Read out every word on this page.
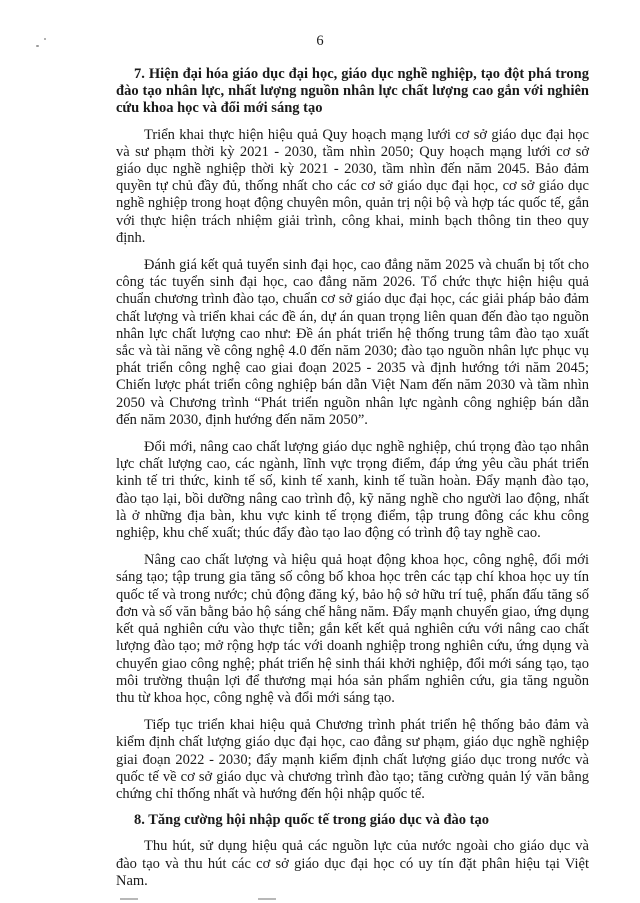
6

7. Hiện đại hóa giáo dục đại học, giáo dục nghề nghiệp, tạo đột phá trong đào tạo nhân lực, nhất lượng nguồn nhân lực chất lượng cao gắn với nghiên cứu khoa học và đổi mới sáng tạo

Triển khai thực hiện hiệu quả Quy hoạch mạng lưới cơ sở giáo dục đại học và sư phạm thời kỳ 2021 - 2030, tầm nhìn 2050; Quy hoạch mạng lưới cơ sở giáo dục nghề nghiệp thời kỳ 2021 - 2030, tầm nhìn đến năm 2045. Bảo đảm quyền tự chủ đầy đủ, thống nhất cho các cơ sở giáo dục đại học, cơ sở giáo dục nghề nghiệp trong hoạt động chuyên môn, quản trị nội bộ và hợp tác quốc tế, gắn với thực hiện trách nhiệm giải trình, công khai, minh bạch thông tin theo quy định.

Đánh giá kết quả tuyển sinh đại học, cao đẳng năm 2025 và chuẩn bị tốt cho công tác tuyển sinh đại học, cao đẳng năm 2026. Tổ chức thực hiện hiệu quả chuẩn chương trình đào tạo, chuẩn cơ sở giáo dục đại học, các giải pháp bảo đảm chất lượng và triển khai các đề án, dự án quan trọng liên quan đến đào tạo nguồn nhân lực chất lượng cao như: Đề án phát triển hệ thống trung tâm đào tạo xuất sắc và tài năng về công nghệ 4.0 đến năm 2030; đào tạo nguồn nhân lực phục vụ phát triển công nghệ cao giai đoạn 2025 - 2035 và định hướng tới năm 2045; Chiến lược phát triển công nghiệp bán dẫn Việt Nam đến năm 2030 và tầm nhìn 2050 và Chương trình “Phát triển nguồn nhân lực ngành công nghiệp bán dẫn đến năm 2030, định hướng đến năm 2050”.

Đổi mới, nâng cao chất lượng giáo dục nghề nghiệp, chú trọng đào tạo nhân lực chất lượng cao, các ngành, lĩnh vực trọng điểm, đáp ứng yêu cầu phát triển kinh tế tri thức, kinh tế số, kinh tế xanh, kinh tế tuần hoàn. Đẩy mạnh đào tạo, đào tạo lại, bồi dưỡng nâng cao trình độ, kỹ năng nghề cho người lao động, nhất là ở những địa bàn, khu vực kinh tế trọng điểm, tập trung đông các khu công nghiệp, khu chế xuất; thúc đẩy đào tạo lao động có trình độ tay nghề cao.

Nâng cao chất lượng và hiệu quả hoạt động khoa học, công nghệ, đổi mới sáng tạo; tập trung gia tăng số công bố khoa học trên các tạp chí khoa học uy tín quốc tế và trong nước; chủ động đăng ký, bảo hộ sở hữu trí tuệ, phấn đấu tăng số đơn và số văn bằng bảo hộ sáng chế hằng năm. Đẩy mạnh chuyển giao, ứng dụng kết quả nghiên cứu vào thực tiễn; gắn kết kết quả nghiên cứu với nâng cao chất lượng đào tạo; mở rộng hợp tác với doanh nghiệp trong nghiên cứu, ứng dụng và chuyển giao công nghệ; phát triển hệ sinh thái khởi nghiệp, đổi mới sáng tạo, tạo môi trường thuận lợi để thương mại hóa sản phẩm nghiên cứu, gia tăng nguồn thu từ khoa học, công nghệ và đổi mới sáng tạo.

Tiếp tục triển khai hiệu quả Chương trình phát triển hệ thống bảo đảm và kiểm định chất lượng giáo dục đại học, cao đẳng sư phạm, giáo dục nghề nghiệp giai đoạn 2022 - 2030; đẩy mạnh kiểm định chất lượng giáo dục trong nước và quốc tế về cơ sở giáo dục và chương trình đào tạo; tăng cường quản lý văn bằng chứng chỉ thống nhất và hướng đến hội nhập quốc tế.

8. Tăng cường hội nhập quốc tế trong giáo dục và đào tạo

Thu hút, sử dụng hiệu quả các nguồn lực của nước ngoài cho giáo dục và đào tạo và thu hút các cơ sở giáo dục đại học có uy tín đặt phân hiệu tại Việt Nam.
